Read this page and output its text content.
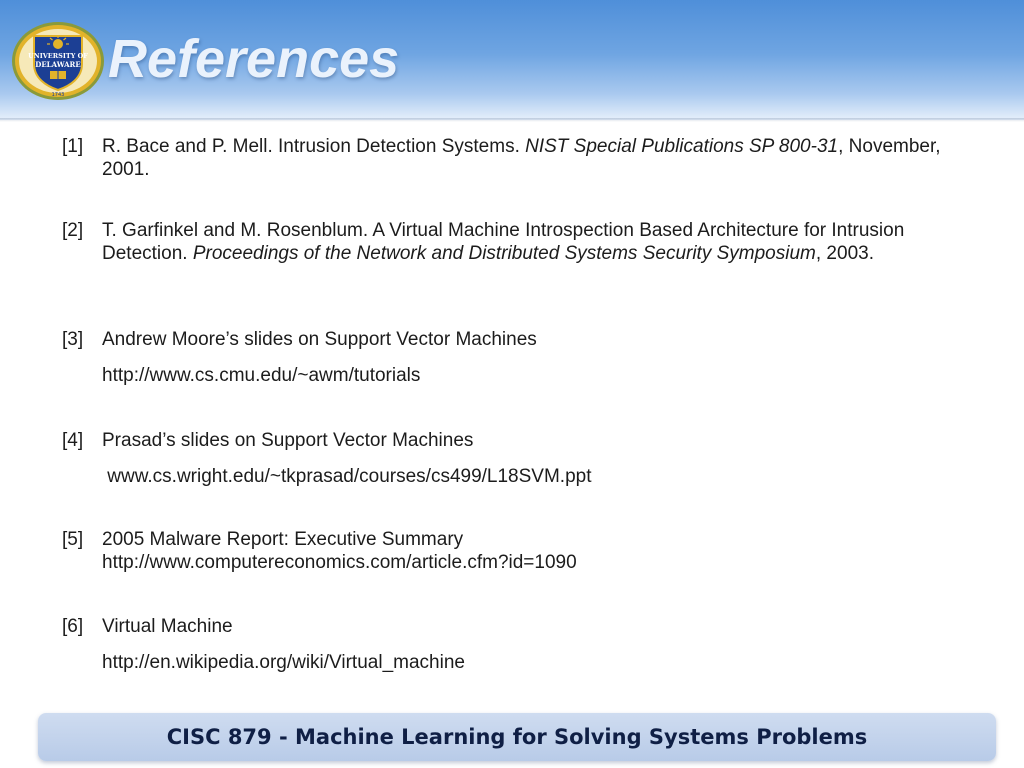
UNIVERSITY OF
DELAWARE
1743
References
[1] R. Bace and P. Mell. Intrusion Detection Systems. NIST Special Publications SP 800-31, November, 2001.
[2] T. Garfinkel and M. Rosenblum. A Virtual Machine Introspection Based Architecture for Intrusion Detection. Proceedings of the Network and Distributed Systems Security Symposium, 2003.
[3] Andrew Moore’s slides on Support Vector Machines
http://www.cs.cmu.edu/~awm/tutorials
[4] Prasad’s slides on Support Vector Machines
www.cs.wright.edu/~tkprasad/courses/cs499/L18SVM.ppt
[5] 2005 Malware Report: Executive Summary
http://www.computereconomics.com/article.cfm?id=1090
[6] Virtual Machine
http://en.wikipedia.org/wiki/Virtual_machine
CISC 879 - Machine Learning for Solving Systems Problems
